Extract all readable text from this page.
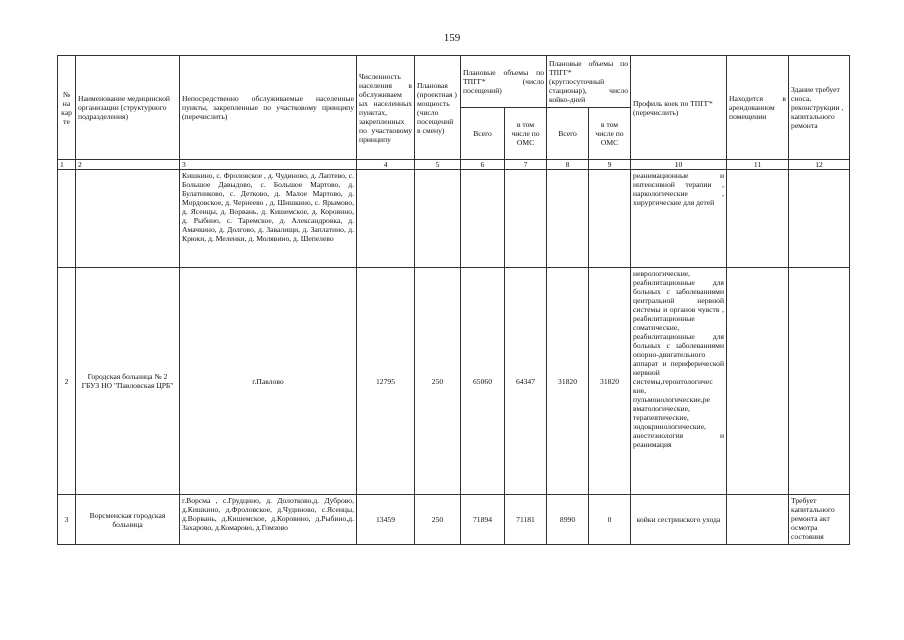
159
№ на кар те	Наименование медицинской организации (структурного подразделения)	Непосредственно обслуживаемые населенные пункты, закрепленные по участковому принципу (перечислить)	Численность населения в обслуживаем ых населенных пунктах, закрепленных по участковому принципу	Плановая (проектная ) мощность (число посещений в смену)	Плановые объемы по ТПГГ* (число посещений)		Плановые объемы по ТПГГ* (круглосуточный стационар), число койко-дней		Профиль коек по ТПГГ* (перечислить)	Находится в арендованном помещении	Здание требует сноса, реконструкции , капитального ремонта
					Всего	в том числе по ОМС	Всего	в том числе по ОМС			
1	2	3	4	5	6	7	8	9	10	11	12
		Кишкино, с. Фроловское , д. Чудиново, д. Лаптево, с. Большое Давыдово, с. Большое Мартово, д. Булатниково, с. Детково, д. Малое Мартово, д. Мордовское, д. Чернеево , д. Шишкино, с. Ярымово, д. Ясенцы, д. Ворвань, д. Кишемское, д. Коровино, д. Рыбино, с. Таремское, д. Александровка, д. Амачкино, д. Долгово, д. Завалищи, д. Заплатино, д. Крюки, д. Меленки, д. Молявино, д. Шепелево							реанимационные и интенсивной терапии , наркологические , хирургические для детей		
2	Городская больница № 2 ГБУЗ НО "Павловская ЦРБ"	г.Павлово	12795	250	65060	64347	31820	31820	неврологические, реабилитационные для больных с заболеваниями центральной нервной системы и органов чувств , реабилитационные соматические, реабилитационные для больных с заболеваниями опорно-двигательного аппарат и периферической нервной системы,геронтологичес кие, пульмонологические,ре вматологические, терапевтические, эндокринологические, анестезиология и реанимация		
3	Ворсменская городская больница	г.Ворсма , с.Грудцино, д. Долотково,д. Дуброво, д.Кишкино, д.Фроловское, д.Чудиново, с.Ясенцы, д.Ворвань, д.Кишемское, д.Коровино, д.Рыбино,д. Захарово, д.Комарово, д.Гомзово	13459	250	71894	71181	8990	0	койки сестринского ухода		Требует капитального ремонта акт осмотра состояния
